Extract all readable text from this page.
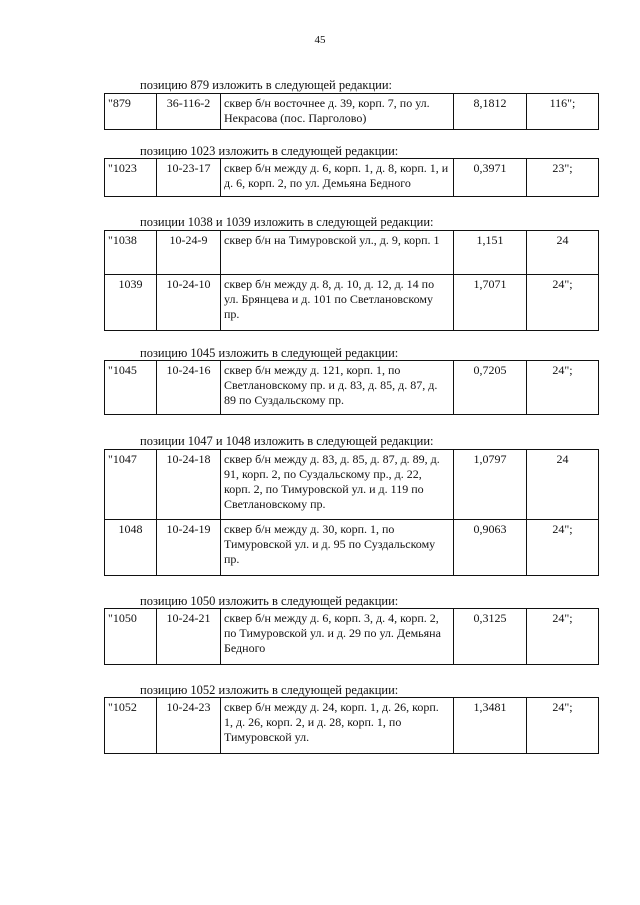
45
позицию 879 изложить в следующей редакции:
"879	36-116-2	сквер б/н восточнее д. 39, корп. 7, по ул. Некрасова (пос. Парголово)	8,1812	116";
позицию 1023 изложить в следующей редакции:
"1023	10-23-17	сквер б/н между д. 6, корп. 1, д. 8, корп. 1, и д. 6, корп. 2, по ул. Демьяна Бедного	0,3971	23";
позиции 1038 и 1039 изложить в следующей редакции:
"1038	10-24-9	сквер б/н на Тимуровской ул., д. 9, корп. 1	1,151	24
1039	10-24-10	сквер б/н между д. 8, д. 10, д. 12, д. 14 по ул. Брянцева и д. 101 по Светлановскому пр.	1,7071	24";
позицию 1045 изложить в следующей редакции:
"1045	10-24-16	сквер б/н между д. 121, корп. 1, по Светлановскому пр. и д. 83, д. 85, д. 87, д. 89 по Суздальскому пр.	0,7205	24";
позиции 1047 и 1048 изложить в следующей редакции:
"1047	10-24-18	сквер б/н между д. 83, д. 85, д. 87, д. 89, д. 91, корп. 2, по Суздальскому пр., д. 22, корп. 2, по Тимуровской ул. и д. 119 по Светлановскому пр.	1,0797	24
1048	10-24-19	сквер б/н между д. 30, корп. 1, по Тимуровской ул. и д. 95 по Суздальскому пр.	0,9063	24";
позицию 1050 изложить в следующей редакции:
"1050	10-24-21	сквер б/н между д. 6, корп. 3, д. 4, корп. 2, по Тимуровской ул. и д. 29 по ул. Демьяна Бедного	0,3125	24";
позицию 1052 изложить в следующей редакции:
"1052	10-24-23	сквер б/н между д. 24, корп. 1, д. 26, корп. 1, д. 26, корп. 2, и д. 28, корп. 1, по Тимуровской ул.	1,3481	24";
